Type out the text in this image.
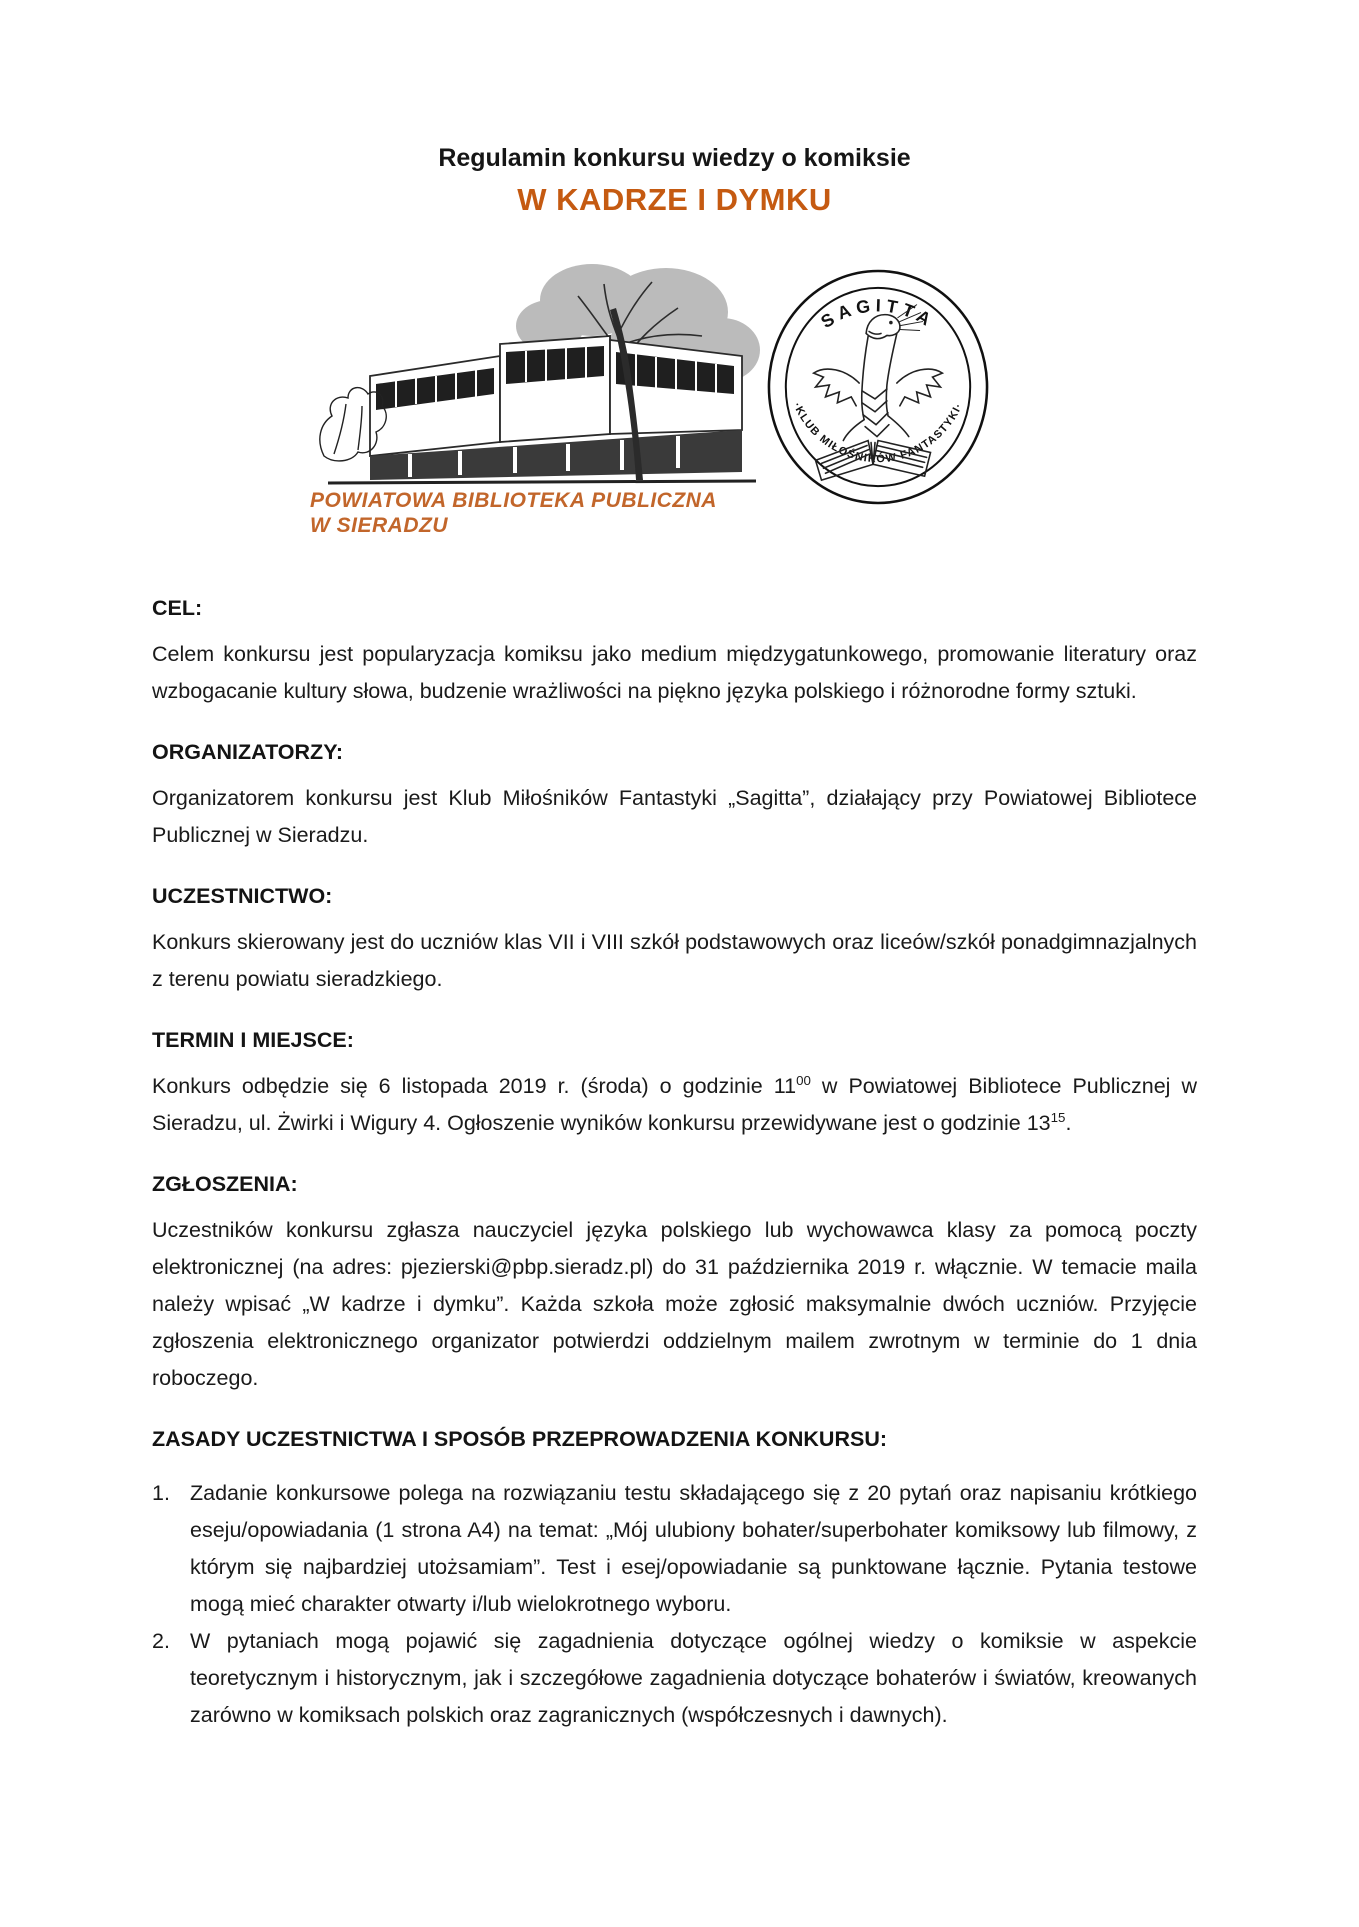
Regulamin konkursu wiedzy o komiksie
W KADRZE I DYMKU
POWIATOWA BIBLIOTEKA PUBLICZNA
W SIERADZU
SAGITTA
·KLUB MIŁOŚNIKÓW FANTASTYKI·
CEL:

Celem konkursu jest popularyzacja komiksu jako medium międzygatunkowego, promowanie literatury oraz wzbogacanie kultury słowa, budzenie wrażliwości na piękno języka polskiego i różnorodne formy sztuki.

ORGANIZATORZY:

Organizatorem konkursu jest Klub Miłośników Fantastyki „Sagitta”, działający przy Powiatowej Bibliotece Publicznej w Sieradzu.

UCZESTNICTWO:

Konkurs skierowany jest do uczniów klas VII i VIII szkół podstawowych oraz liceów/szkół ponadgimnazjalnych z terenu powiatu sieradzkiego.

TERMIN I MIEJSCE:

Konkurs odbędzie się 6 listopada 2019 r. (środa) o godzinie $11^{00}$ w Powiatowej Bibliotece Publicznej w Sieradzu, ul. Żwirki i Wigury 4. Ogłoszenie wyników konkursu przewidywane jest o godzinie $13^{15}$.

ZGŁOSZENIA:

Uczestników konkursu zgłasza nauczyciel języka polskiego lub wychowawca klasy za pomocą poczty elektronicznej (na adres: pjezierski@pbp.sieradz.pl) do 31 października 2019 r. włącznie. W temacie maila należy wpisać „W kadrze i dymku”. Każda szkoła może zgłosić maksymalnie dwóch uczniów. Przyjęcie zgłoszenia elektronicznego organizator potwierdzi oddzielnym mailem zwrotnym w terminie do 1 dnia roboczego.

ZASADY UCZESTNICTWA I SPOSÓB PRZEPROWADZENIA KONKURSU:
1. Zadanie konkursowe polega na rozwiązaniu testu składającego się z 20 pytań oraz napisaniu krótkiego eseju/opowiadania (1 strona A4) na temat: „Mój ulubiony bohater/superbohater komiksowy lub filmowy, z którym się najbardziej utożsamiam”. Test i esej/opowiadanie są punktowane łącznie. Pytania testowe mogą mieć charakter otwarty i/lub wielokrotnego wyboru.
2. W pytaniach mogą pojawić się zagadnienia dotyczące ogólnej wiedzy o komiksie w aspekcie teoretycznym i historycznym, jak i szczegółowe zagadnienia dotyczące bohaterów i światów, kreowanych zarówno w komiksach polskich oraz zagranicznych (współczesnych i dawnych).
